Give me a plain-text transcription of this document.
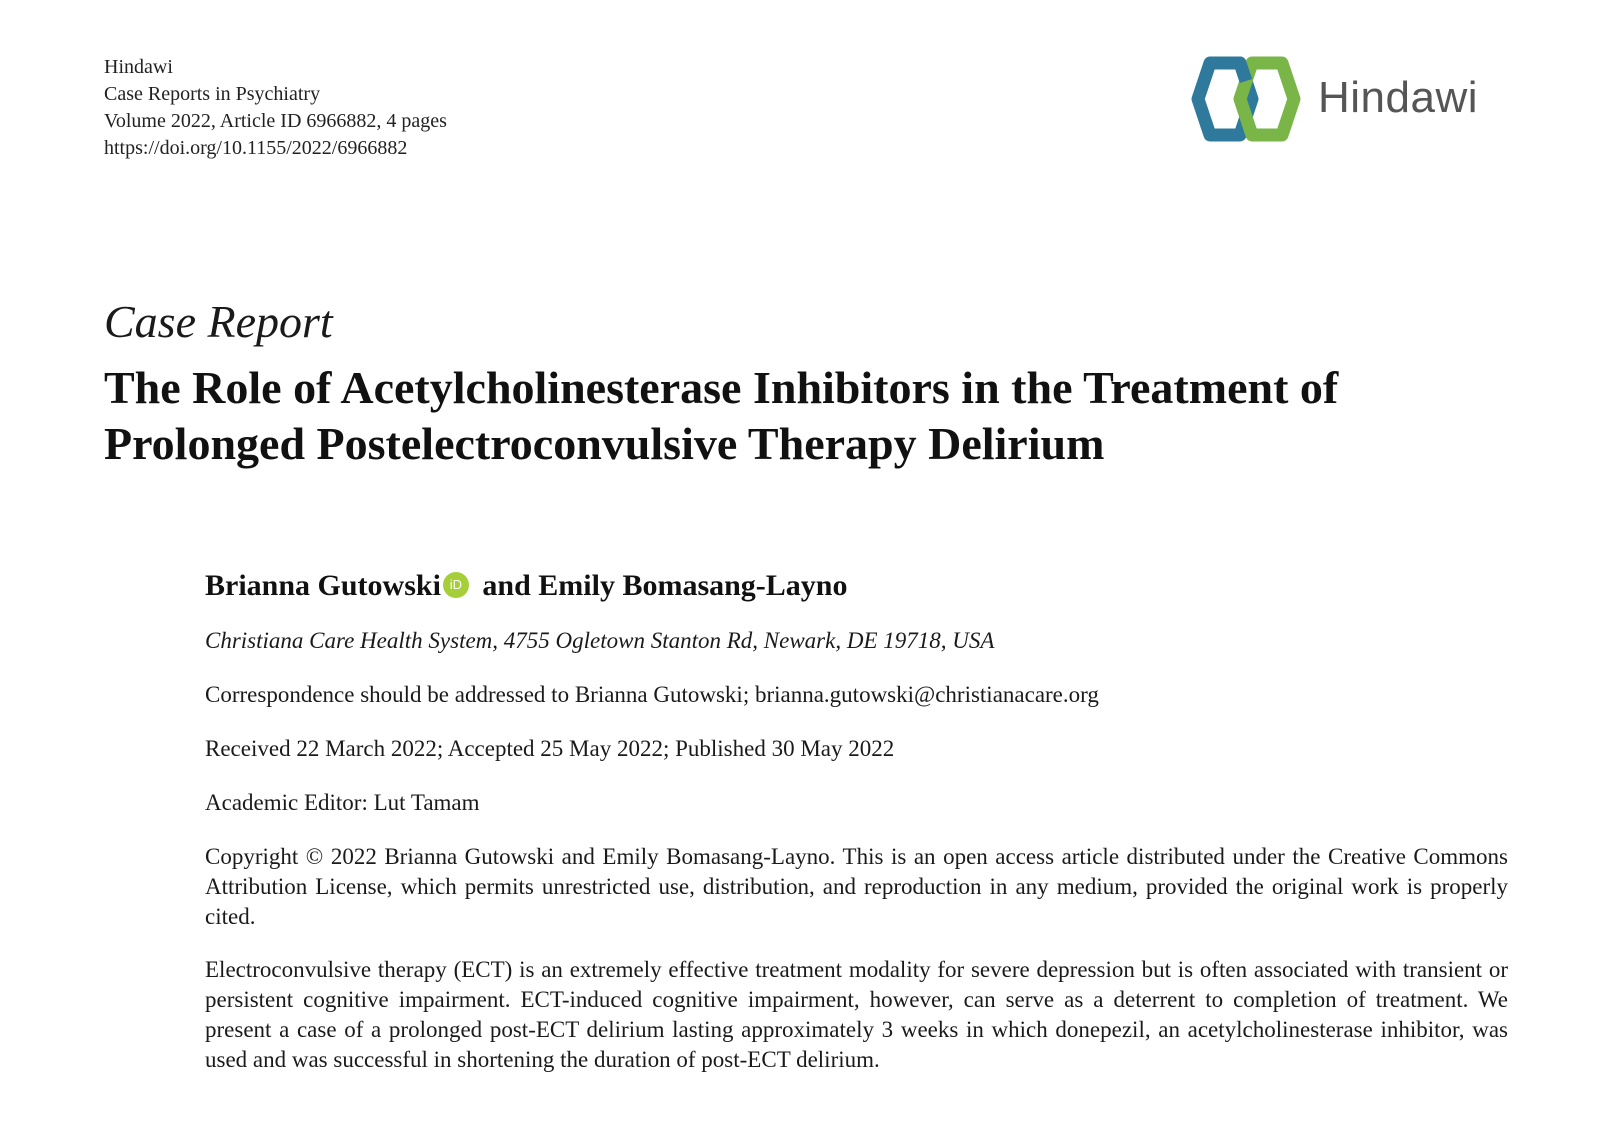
Hindawi
Case Reports in Psychiatry
Volume 2022, Article ID 6966882, 4 pages
https://doi.org/10.1155/2022/6966882
Hindawi
Case Report
The Role of Acetylcholinesterase Inhibitors in the Treatment of
Prolonged Postelectroconvulsive Therapy Delirium
Brianna Gutowski iD and Emily Bomasang-Layno
Christiana Care Health System, 4755 Ogletown Stanton Rd, Newark, DE 19718, USA
Correspondence should be addressed to Brianna Gutowski; brianna.gutowski@christianacare.org
Received 22 March 2022; Accepted 25 May 2022; Published 30 May 2022
Academic Editor: Lut Tamam
Copyright © 2022 Brianna Gutowski and Emily Bomasang-Layno. This is an open access article distributed under the Creative Commons Attribution License, which permits unrestricted use, distribution, and reproduction in any medium, provided the original work is properly cited.
Electroconvulsive therapy (ECT) is an extremely effective treatment modality for severe depression but is often associated with transient or persistent cognitive impairment. ECT-induced cognitive impairment, however, can serve as a deterrent to completion of treatment. We present a case of a prolonged post-ECT delirium lasting approximately 3 weeks in which donepezil, an acetylcholinesterase inhibitor, was used and was successful in shortening the duration of post-ECT delirium.
